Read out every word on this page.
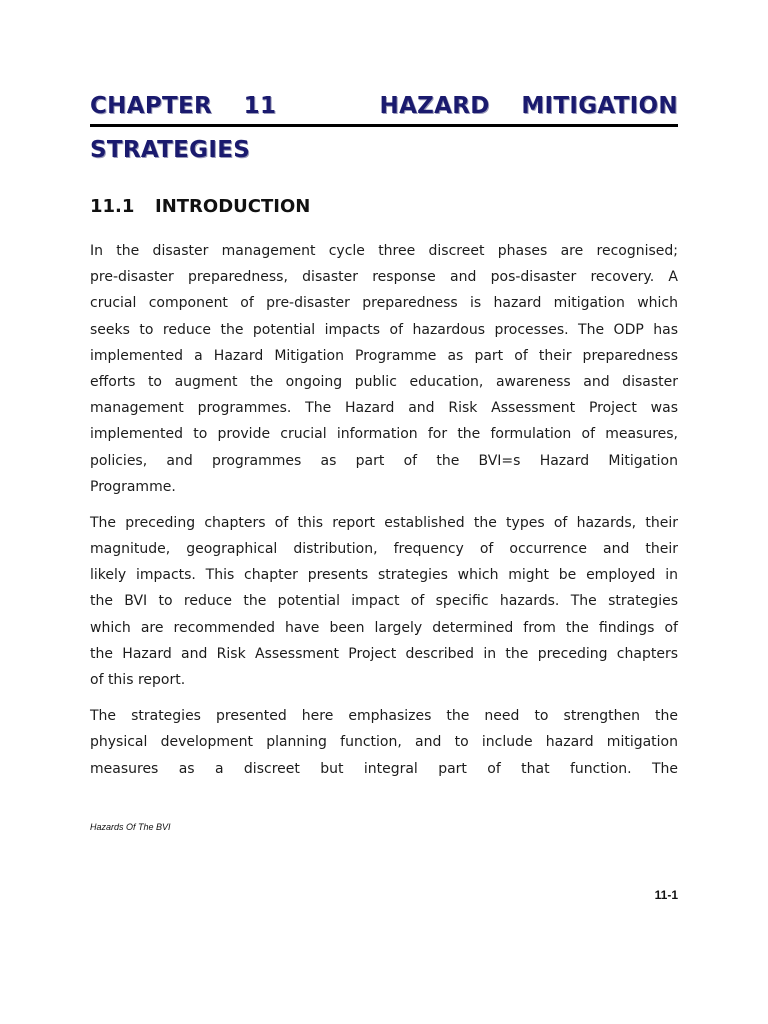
CHAPTER 11	HAZARD MITIGATION
STRATEGIES
11.1 INTRODUCTION
In the disaster management cycle three discreet phases are recognised;
pre-disaster preparedness, disaster response and pos-disaster recovery. A
crucial component of pre-disaster preparedness is hazard mitigation which
seeks to reduce the potential impacts of hazardous processes. The ODP has
implemented a Hazard Mitigation Programme as part of their preparedness
efforts to augment the ongoing public education, awareness and disaster
management programmes. The Hazard and Risk Assessment Project was
implemented to provide crucial information for the formulation of measures,
policies, and programmes as part of the BVI=s Hazard Mitigation
Programme.
The preceding chapters of this report established the types of hazards, their
magnitude, geographical distribution, frequency of occurrence and their
likely impacts. This chapter presents strategies which might be employed in
the BVI to reduce the potential impact of specific hazards. The strategies
which are recommended have been largely determined from the findings of
the Hazard and Risk Assessment Project described in the preceding chapters
of this report.
The strategies presented here emphasizes the need to strengthen the
physical development planning function, and to include hazard mitigation
measures as a discreet but integral part of that function. The
Hazards Of The BVI
11-1
